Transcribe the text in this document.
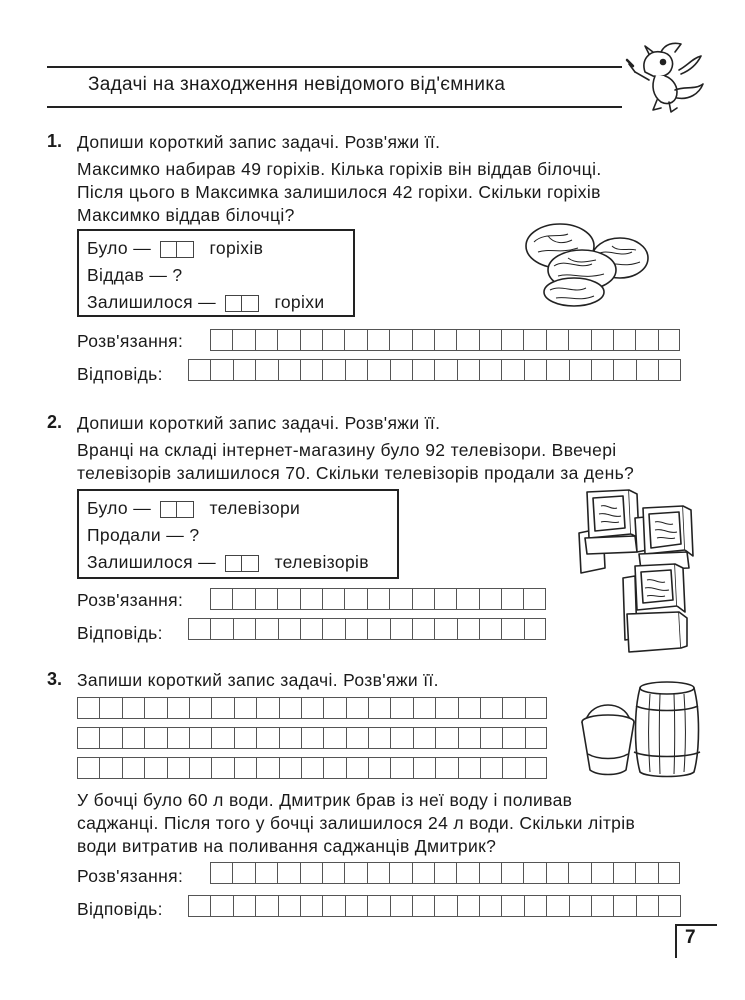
Задачі на знаходження невідомого від'ємника
1. Допиши короткий запис задачі. Розв'яжи її.
Максимко набирав 49 горіхів. Кілька горіхів він віддав білочці.
Після цього в Максимка залишилося 42 горіхи. Скільки горіхів
Максимко віддав білочці?
Було —	горіхів
Віддав — ?
Залишилося —	горіхи
Розв'язання:
Відповідь:
2. Допиши короткий запис задачі. Розв'яжи її.
Вранці на складі інтернет-магазину було 92 телевізори. Ввечері
телевізорів залишилося 70. Скільки телевізорів продали за день?
Було —	телевізори
Продали — ?
Залишилося —	телевізорів
Розв'язання:
Відповідь:
3. Запиши короткий запис задачі. Розв'яжи її.
У бочці було 60 л води. Дмитрик брав із неї воду і поливав
саджанці. Після того у бочці залишилося 24 л води. Скільки літрів
води витратив на поливання саджанців Дмитрик?
Розв'язання:
Відповідь:
7
